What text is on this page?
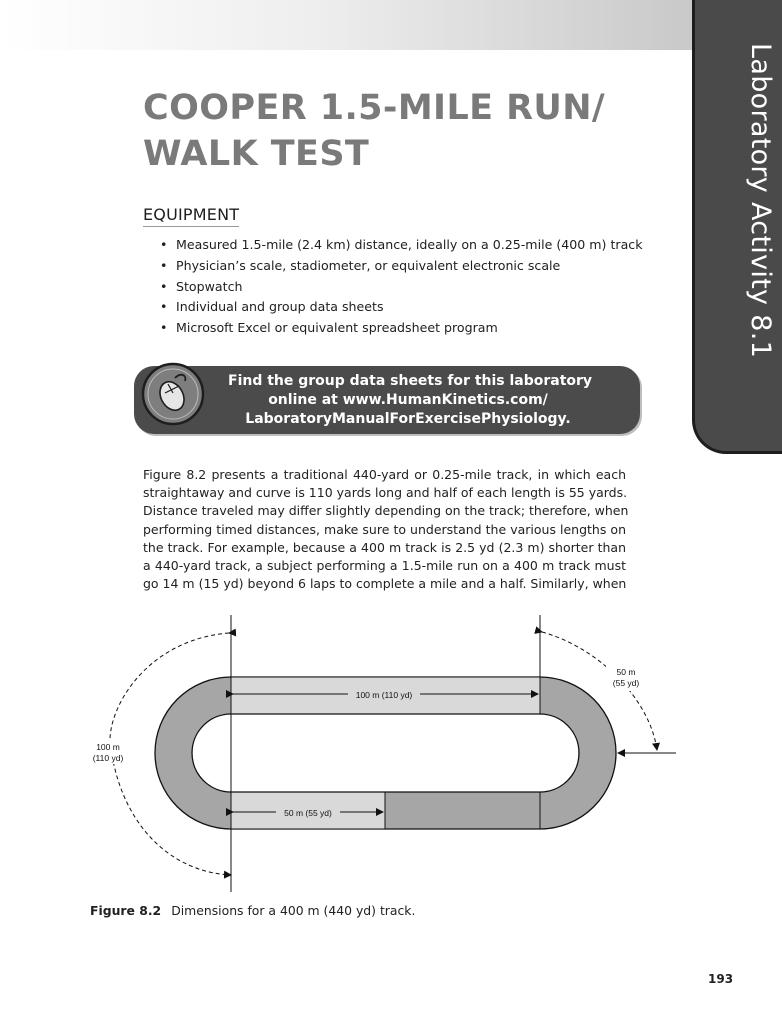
Laboratory Activity 8.1
COOPER 1.5-MILE RUN/
WALK TEST
EQUIPMENT
• Measured 1.5-mile (2.4 km) distance, ideally on a 0.25-mile (400 m) track
• Physician’s scale, stadiometer, or equivalent electronic scale
• Stopwatch
• Individual and group data sheets
• Microsoft Excel or equivalent spreadsheet program
Find the group data sheets for this laboratory
online at www.HumanKinetics.com/
LaboratoryManualForExercisePhysiology.
Figure 8.2 presents a traditional 440-yard or 0.25-mile track, in which each
straightaway and curve is 110 yards long and half of each length is 55 yards.
Distance traveled may differ slightly depending on the track; therefore, when
performing timed distances, make sure to understand the various lengths on
the track. For example, because a 400 m track is 2.5 yd (2.3 m) shorter than
a 440-yard track, a subject performing a 1.5-mile run on a 400 m track must
go 14 m (15 yd) beyond 6 laps to complete a mile and a half. Similarly, when
100 m (110 yd)
50 m (55 yd)
100 m
(110 yd)
50 m
(55 yd)
Figure 8.2 Dimensions for a 400 m (440 yd) track.
193
